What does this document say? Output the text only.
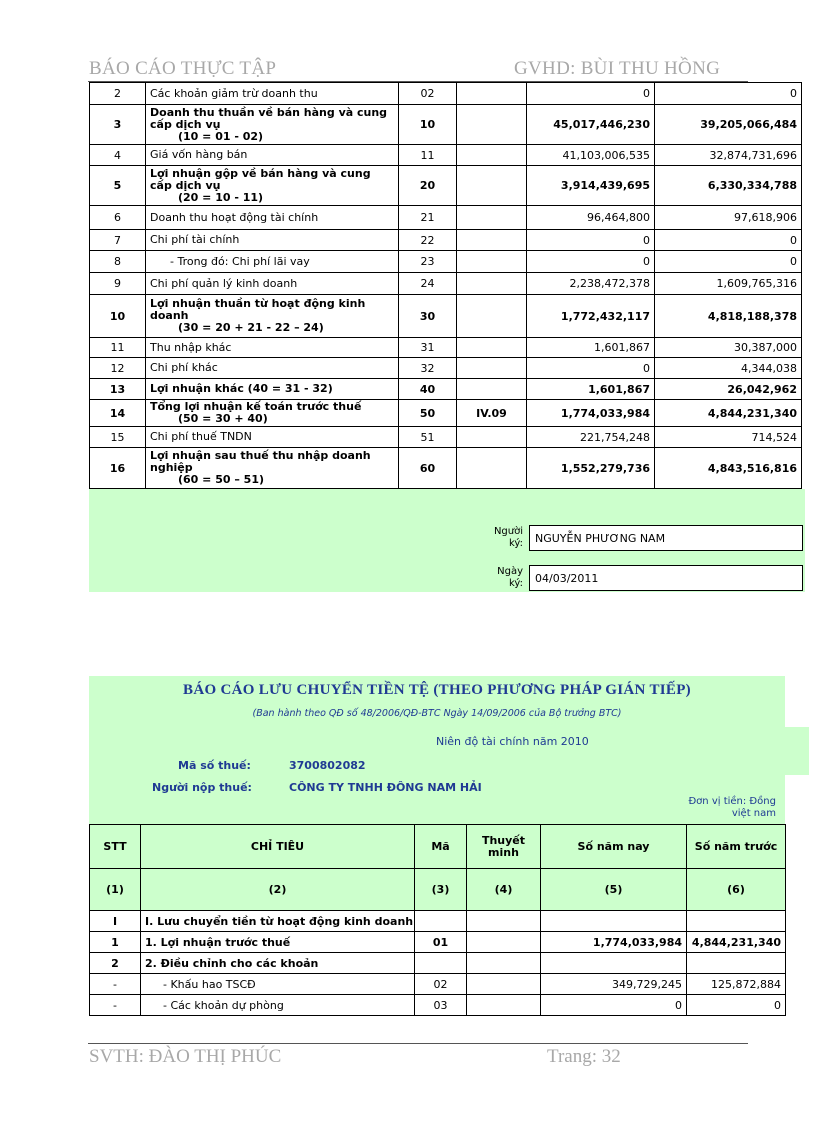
BÁO CÁO THỰC TẬP	GVHD: BÙI THU HỒNG
2	Các khoản giảm trừ doanh thu	02		0	0
3	Doanh thu thuần về bán hàng và cung
cấp dịch vụ
(10 = 01 - 02)	10		45,017,446,230	39,205,066,484
4	Giá vốn hàng bán	11		41,103,006,535	32,874,731,696
5	Lợi nhuận gộp về bán hàng và cung
cấp dịch vụ
(20 = 10 - 11)	20		3,914,439,695	6,330,334,788
6	Doanh thu hoạt động tài chính	21		96,464,800	97,618,906
7	Chi phí tài chính	22		0	0
8	- Trong đó: Chi phí lãi vay	23		0	0
9	Chi phí quản lý kinh doanh	24		2,238,472,378	1,609,765,316
10	Lợi nhuận thuần từ hoạt động kinh
doanh
(30 = 20 + 21 - 22 – 24)	30		1,772,432,117	4,818,188,378
11	Thu nhập khác	31		1,601,867	30,387,000
12	Chi phí khác	32		0	4,344,038
13	Lợi nhuận khác (40 = 31 - 32)	40		1,601,867	26,042,962
14	Tổng lợi nhuận kế toán trước thuế
(50 = 30 + 40)	50	IV.09	1,774,033,984	4,844,231,340
15	Chi phí thuế TNDN	51		221,754,248	714,524
16	Lợi nhuận sau thuế thu nhập doanh
nghiệp
(60 = 50 – 51)	60		1,552,279,736	4,843,516,816
Người
ký:	NGUYỄN PHƯƠNG NAM
Ngày
ký:	04/03/2011
BÁO CÁO LƯU CHUYỂN TIỀN TỆ (THEO PHƯƠNG PHÁP GIÁN TIẾP)
(Ban hành theo QĐ số 48/2006/QĐ-BTC Ngày 14/09/2006 của Bộ trưởng BTC)
Niên độ tài chính năm 2010
Mã số thuế:	3700802082
Người nộp thuế:	CÔNG TY TNHH ĐÔNG NAM HẢI
Đơn vị tiền: Đồng
việt nam
STT	CHỈ TIÊU	Mã	Thuyết
minh	Số năm nay	Số năm trước
(1)	(2)	(3)	(4)	(5)	(6)
I	I. Lưu chuyển tiền từ hoạt động kinh doanh				
1	1. Lợi nhuận trước thuế	01		1,774,033,984	4,844,231,340
2	2. Điều chỉnh cho các khoản				
-	- Khấu hao TSCĐ	02		349,729,245	125,872,884
-	- Các khoản dự phòng	03		0	0
SVTH: ĐÀO THỊ PHÚC	Trang: 32
